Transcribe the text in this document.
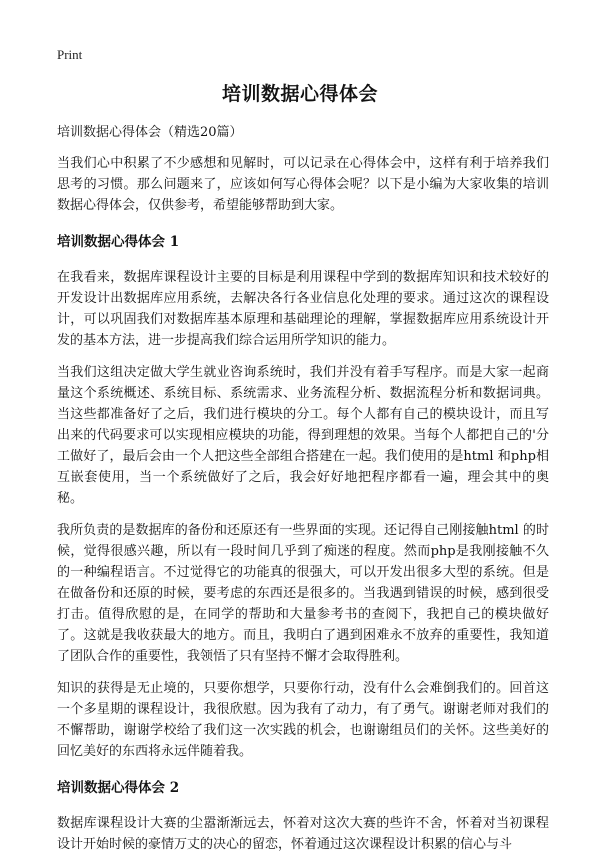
Print
培训数据心得体会

培训数据心得体会（精选20篇）

当我们心中积累了不少感想和见解时，可以记录在心得体会中，这样有利于培养我们思考的习惯。那么问题来了，应该如何写心得体会呢？以下是小编为大家收集的培训数据心得体会，仅供参考，希望能够帮助到大家。

培训数据心得体会 1

在我看来，数据库课程设计主要的目标是利用课程中学到的数据库知识和技术较好的开发设计出数据库应用系统，去解决各行各业信息化处理的要求。通过这次的课程设计，可以巩固我们对数据库基本原理和基础理论的理解，掌握数据库应用系统设计开发的基本方法，进一步提高我们综合运用所学知识的能力。

当我们这组决定做大学生就业咨询系统时，我们并没有着手写程序。而是大家一起商量这个系统概述、系统目标、系统需求、业务流程分析、数据流程分析和数据词典。当这些都准备好了之后，我们进行模块的分工。每个人都有自己的模块设计，而且写出来的代码要求可以实现相应模块的功能，得到理想的效果。当每个人都把自己的'分工做好了，最后会由一个人把这些全部组合搭建在一起。我们使用的是html 和php相互嵌套使用，当一个系统做好了之后，我会好好地把程序都看一遍，理会其中的奥秘。

我所负责的是数据库的备份和还原还有一些界面的实现。还记得自己刚接触html 的时候，觉得很感兴趣，所以有一段时间几乎到了痴迷的程度。然而php是我刚接触不久的一种编程语言。不过觉得它的功能真的很强大，可以开发出很多大型的系统。但是在做备份和还原的时候，要考虑的东西还是很多的。当我遇到错误的时候，感到很受打击。值得欣慰的是，在同学的帮助和大量参考书的查阅下，我把自己的模块做好了。这就是我收获最大的地方。而且，我明白了遇到困难永不放弃的重要性，我知道了团队合作的重要性，我领悟了只有坚持不懈才会取得胜利。

知识的获得是无止境的，只要你想学，只要你行动，没有什么会难倒我们的。回首这一个多星期的课程设计，我很欣慰。因为我有了动力，有了勇气。谢谢老师对我们的不懈帮助，谢谢学校给了我们这一次实践的机会，也谢谢组员们的关怀。这些美好的回忆美好的东西将永远伴随着我。

培训数据心得体会 2

数据库课程设计大赛的尘嚣渐渐远去，怀着对这次大赛的些许不舍，怀着对当初课程设计开始时候的豪情万丈的决心的留恋，怀着通过这次课程设计积累的信心与斗
